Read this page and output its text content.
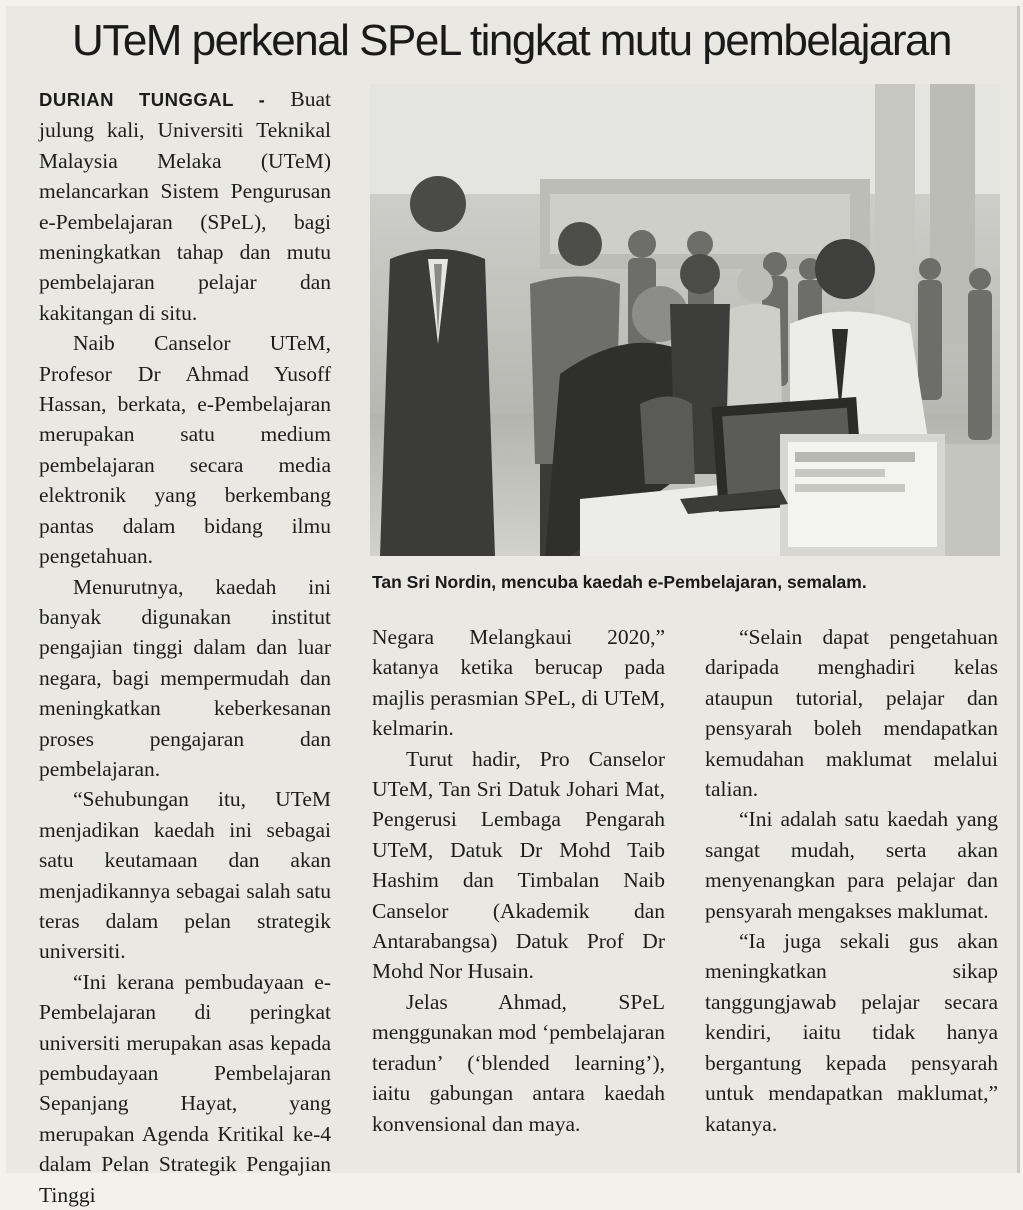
UTeM perkenal SPeL tingkat mutu pembelajaran

DURIAN TUNGGAL - Buat julung kali, Universiti Teknikal Malaysia Melaka (UTeM) melancarkan Sistem Pengurusan e-Pembelajaran (SPeL), bagi meningkatkan tahap dan mutu pembelajaran pelajar dan kakitangan di situ.

Naib Canselor UTeM, Profesor Dr Ahmad Yusoff Hassan, berkata, e-Pembelajaran merupakan satu medium pembelajaran secara media elektronik yang berkembang pantas dalam bidang ilmu pengetahuan.

Menurutnya, kaedah ini banyak digunakan institut pengajian tinggi dalam dan luar negara, bagi mempermudah dan meningkatkan keberkesanan proses pengajaran dan pembelajaran.

“Sehubungan itu, UTeM menjadikan kaedah ini sebagai satu keutamaan dan akan menjadikannya sebagai salah satu teras dalam pelan strategik universiti.

“Ini kerana pembudayaan e-Pembelajaran di peringkat universiti merupakan asas kepada pembudayaan Pembelajaran Sepanjang Hayat, yang merupakan Agenda Kritikal ke-4 dalam Pelan Strategik Pengajian Tinggi

Tan Sri Nordin, mencuba kaedah e-Pembelajaran, semalam.

Negara Melangkaui 2020,” katanya ketika berucap pada majlis perasmian SPeL, di UTeM, kelmarin.

Turut hadir, Pro Canselor UTeM, Tan Sri Datuk Johari Mat, Pengerusi Lembaga Pengarah UTeM, Datuk Dr Mohd Taib Hashim dan Timbalan Naib Canselor (Akademik dan Antarabangsa) Datuk Prof Dr Mohd Nor Husain.

Jelas Ahmad, SPeL menggunakan mod ‘pembelajaran teradun’ (‘blended learning’), iaitu gabungan antara kaedah konvensional dan maya.

“Selain dapat pengetahuan daripada menghadiri kelas ataupun tutorial, pelajar dan pensyarah boleh mendapatkan kemudahan maklumat melalui talian.

“Ini adalah satu kaedah yang sangat mudah, serta akan menyenangkan para pelajar dan pensyarah mengakses maklumat.

“Ia juga sekali gus akan meningkatkan sikap tanggungjawab pelajar secara kendiri, iaitu tidak hanya bergantung kepada pensyarah untuk mendapatkan maklumat,” katanya.
